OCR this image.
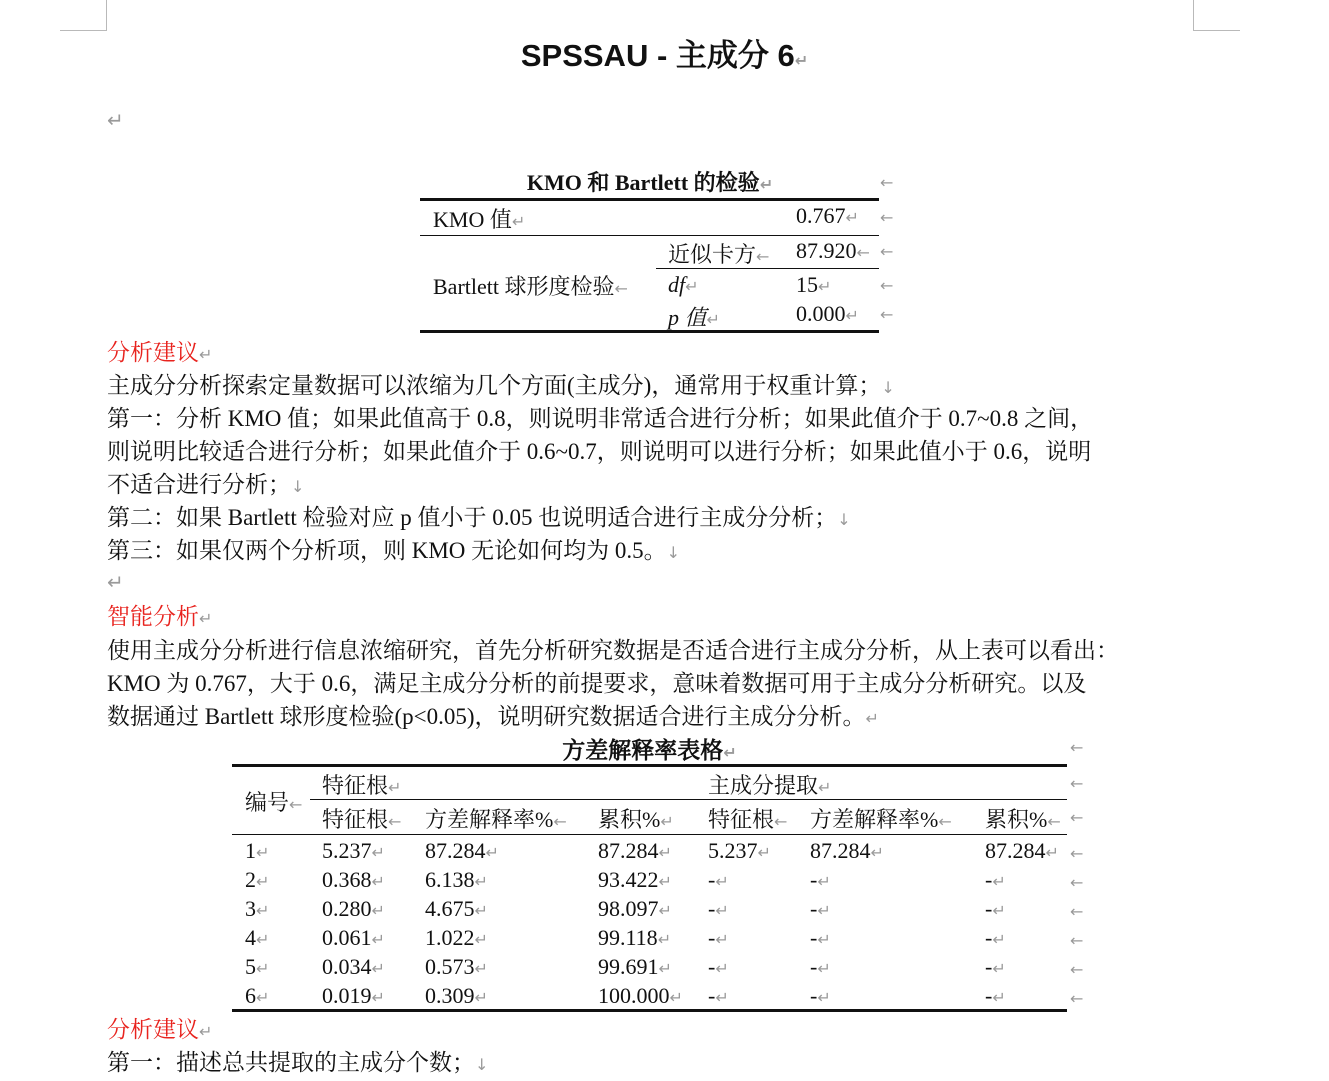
SPSSAU - 主成分 6↵
↵
KMO 和 Bartlett 的检验↵	←
KMO 值↵	0.767↵ ←
Bartlett 球形度检验←
近似卡方← 87.920← ←
df↵	15↵	←
p 值↵	0.000↵ ←
分析建议↵
主成分分析探索定量数据可以浓缩为几个方面(主成分)，通常用于权重计算；↓
第一：分析 KMO 值；如果此值高于 0.8，则说明非常适合进行分析；如果此值介于 0.7~0.8 之间，
则说明比较适合进行分析；如果此值介于 0.6~0.7，则说明可以进行分析；如果此值小于 0.6，说明
不适合进行分析；↓
第二：如果 Bartlett 检验对应 p 值小于 0.05 也说明适合进行主成分分析；↓
第三：如果仅两个分析项，则 KMO 无论如何均为 0.5。↓
↵
智能分析↵
使用主成分分析进行信息浓缩研究，首先分析研究数据是否适合进行主成分分析，从上表可以看出：
KMO 为 0.767，大于 0.6，满足主成分分析的前提要求，意味着数据可用于主成分分析研究。以及
数据通过 Bartlett 球形度检验(p<0.05)，说明研究数据适合进行主成分分析。↵
方差解释率表格↵	←
编号←
特征根↵	主成分提取↵	←
特征根← 方差解释率%← 累积%↵ 特征根← 方差解释率%← 累积%← ←
1↵ 5.237↵ 87.284↵	87.284↵ 5.237↵ 87.284↵	87.284↵ ←
2↵ 0.368↵ 6.138↵	93.422↵ -↵	-↵	-↵	←
3↵ 0.280↵ 4.675↵	98.097↵ -↵	-↵	-↵	←
4↵ 0.061↵ 1.022↵	99.118↵ -↵	-↵	-↵	←
5↵ 0.034↵ 0.573↵	99.691↵ -↵	-↵	-↵	←
6↵ 0.019↵ 0.309↵	100.000↵ -↵	-↵	-↵	←
分析建议↵
第一：描述总共提取的主成分个数；↓
